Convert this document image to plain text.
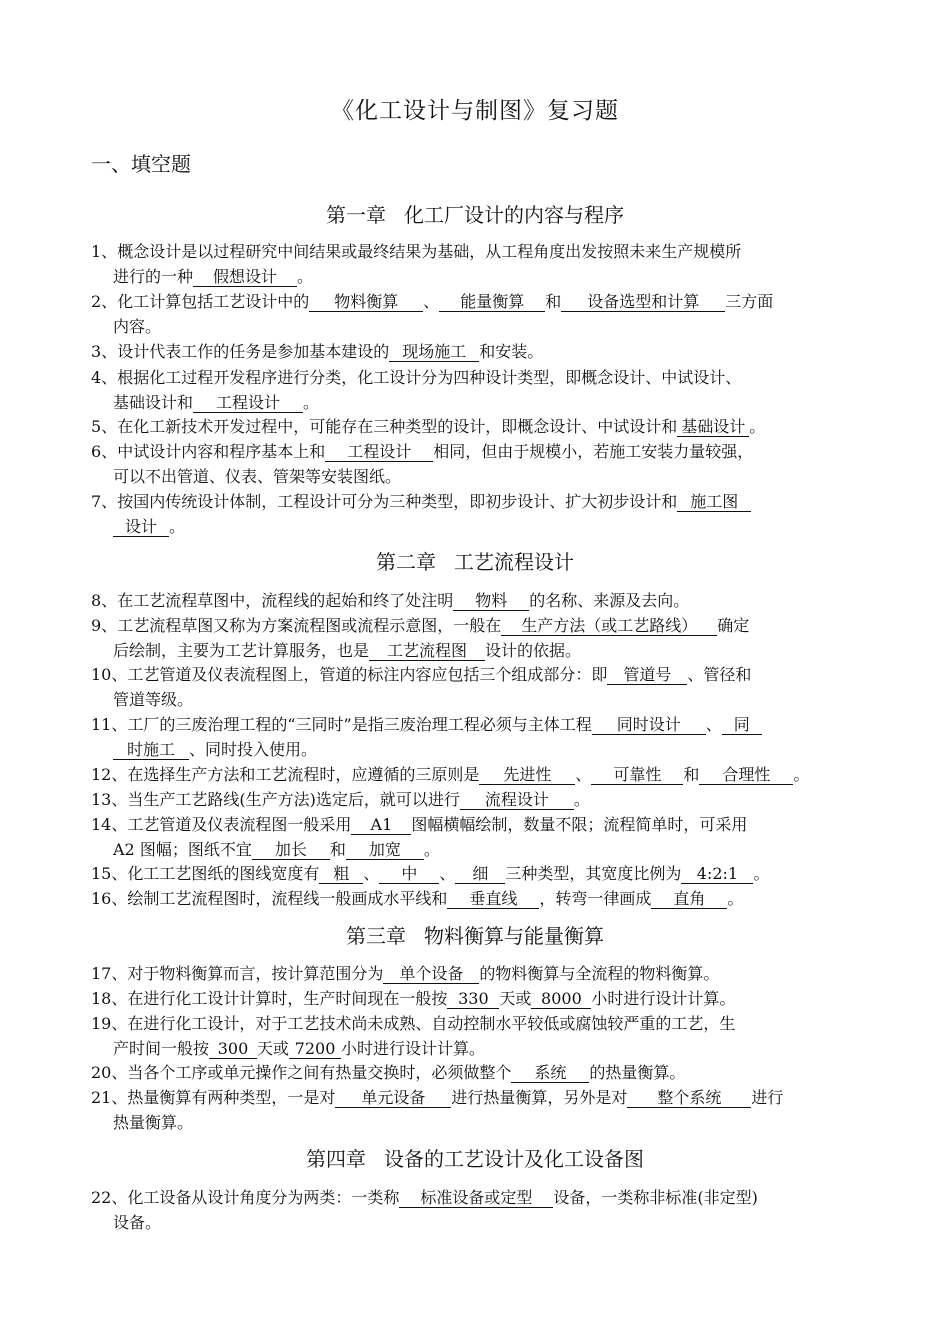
《化工设计与制图》复习题
一、填空题
第一章 化工厂设计的内容与程序
1、概念设计是以过程研究中间结果或最终结果为基础，从工程角度出发按照未来生产规模所
进行的一种 假想设计 。
2、化工计算包括工艺设计中的 物料衡算 、 能量衡算 和 设备选型和计算 三方面
内容。
3、设计代表工作的任务是参加基本建设的 现场施工 和安装。
4、根据化工过程开发程序进行分类，化工设计分为四种设计类型，即概念设计、中试设计、
基础设计和 工程设计 。
5、在化工新技术开发过程中，可能存在三种类型的设计，即概念设计、中试设计和 基础设计 。
6、中试设计内容和程序基本上和 工程设计 相同，但由于规模小，若施工安装力量较强，
可以不出管道、仪表、管架等安装图纸。
7、按国内传统设计体制，工程设计可分为三种类型，即初步设计、扩大初步设计和 施工图
设计 。
第二章 工艺流程设计
8、在工艺流程草图中，流程线的起始和终了处注明 物料 的名称、来源及去向。
9、工艺流程草图又称为方案流程图或流程示意图，一般在 生产方法（或工艺路线） 确定
后绘制，主要为工艺计算服务，也是 工艺流程图 设计的依据。
10、工艺管道及仪表流程图上，管道的标注内容应包括三个组成部分：即 管道号 、管径和
管道等级。
11、工厂的三废治理工程的“三同时”是指三废治理工程必须与主体工程 同时设计 、 同
时施工 、同时投入使用。
12、在选择生产方法和工艺流程时，应遵循的三原则是 先进性 、 可靠性 和 合理性 。
13、当生产工艺路线(生产方法)选定后，就可以进行 流程设计 。
14、工艺管道及仪表流程图一般采用 A1 图幅横幅绘制，数量不限；流程简单时，可采用
A2 图幅；图纸不宜 加长 和 加宽 。
15、化工工艺图纸的图线宽度有 粗 、 中 、 细 三种类型，其宽度比例为 4:2:1 。
16、绘制工艺流程图时，流程线一般画成水平线和 垂直线 ，转弯一律画成 直角 。
第三章 物料衡算与能量衡算
17、对于物料衡算而言，按计算范围分为 单个设备 的物料衡算与全流程的物料衡算。
18、在进行化工设计计算时，生产时间现在一般按 330 天或 8000 小时进行设计计算。
19、在进行化工设计，对于工艺技术尚未成熟、自动控制水平较低或腐蚀较严重的工艺，生
产时间一般按 300 天或 7200 小时进行设计计算。
20、当各个工序或单元操作之间有热量交换时，必须做整个 系统 的热量衡算。
21、热量衡算有两种类型，一是对 单元设备 进行热量衡算，另外是对 整个系统 进行
热量衡算。
第四章 设备的工艺设计及化工设备图
22、化工设备从设计角度分为两类：一类称 标准设备或定型 设备，一类称非标准(非定型)
设备。
